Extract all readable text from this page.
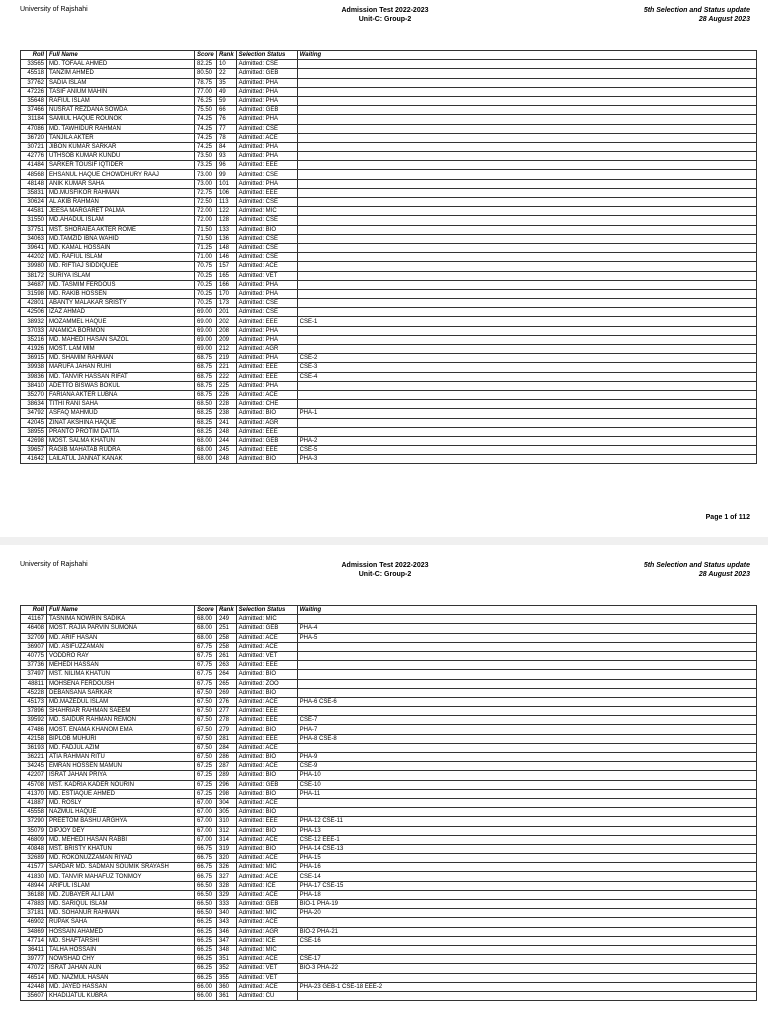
University of Rajshahi	Admission Test 2022-2023
Unit-C: Group-2
5th Selection and Status update
28 August 2023
Roll	Full Name	Score	Rank	Selection Status	Waiting
33565	MD. TOFAAL AHMED	82.25	10	Admitted: CSE	
45518	TANZIM AHMED	80.50	22	Admitted: GEB	
37762	SADIA ISLAM	78.75	35	Admitted: PHA	
47226	TASIF ANIUM MAHIN	77.00	49	Admitted: PHA	
35648	RAFIUL ISLAM	76.25	59	Admitted: PHA	
37466	NUSRAT REZDANA SOWDA	75.50	66	Admitted: GEB	
31184	SAMIUL HAQUE ROUNOK	74.25	76	Admitted: PHA	
47086	MD. TAWHIDUR RAHMAN	74.25	77	Admitted: CSE	
36720	TANJILA AKTER	74.25	78	Admitted: ACE	
30721	JIBON KUMAR SARKAR	74.25	84	Admitted: PHA	
42776	UTHSOB KUMAR KUNDU	73.50	93	Admitted: PHA	
41484	SARKER TOUSIF IQTIDER	73.25	96	Admitted: EEE	
48568	EHSANUL HAQUE CHOWDHURY RAAJ	73.00	99	Admitted: CSE	
48148	ANIK KUMAR SAHA	73.00	101	Admitted: PHA	
35831	MD.MUSFIKOR RAHMAN	72.75	106	Admitted: EEE	
30624	AL AKIB RAHMAN	72.50	113	Admitted: CSE	
44581	JEESA MARGARET PALMA	72.00	122	Admitted: MIC	
31550	MD.AHADUL ISLAM	72.00	128	Admitted: CSE	
37751	MST. SHORAIEA AKTER ROME	71.50	133	Admitted: BIO	
34063	MD.TAMZID IBNA WAHID	71.50	136	Admitted: CSE	
39641	MD. KAMAL HOSSAIN	71.25	148	Admitted: CSE	
44202	MD. RAFIUL ISLAM	71.00	146	Admitted: CSE	
39980	MD. RIFTIAJ SIDDIQUEE	70.75	157	Admitted: ACE	
38172	SURIYA ISLAM	70.25	165	Admitted: VET	
34687	MD. TASMIM FERDOUS	70.25	166	Admitted: PHA	
31598	MD. RAKIB HOSSEN	70.25	170	Admitted: PHA	
42801	ABANTY MALAKAR SRISTY	70.25	173	Admitted: CSE	
42506	IZAZ AHMAD	69.00	201	Admitted: CSE	
38932	MOZAMMEL HAQUE	69.00	202	Admitted: EEE	CSE-1
37033	ANAMICA BORMON	69.00	208	Admitted: PHA	
35216	MD. MAHEDI HASAN SAZOL	69.00	209	Admitted: PHA	
41926	MOST. LAM MIM	69.00	212	Admitted: AGR	
36915	MD. SHAMIM RAHMAN	68.75	219	Admitted: PHA	CSE-2
39938	MARUFA JAHAN RUHI	68.75	221	Admitted: EEE	CSE-3
39836	MD. TANVIR HASSAN RIFAT	68.75	222	Admitted: EEE	CSE-4
38410	ADETTO BISWAS BOKUL	68.75	225	Admitted: PHA	
35270	FARIANA AKTER LUBNA	68.75	226	Admitted: ACE	
38634	TITHI RANI SAHA	68.50	228	Admitted: CHE	
34792	ASFAQ MAHMUD	68.25	238	Admitted: BIO	PHA-1
42045	ZINAT AKSHINA HAQUE	68.25	241	Admitted: AGR	
38955	PRANTO PROTIM DATTA	68.25	248	Admitted: EEE	
42698	MOST. SALMA KHATUN	68.00	244	Admitted: GEB	PHA-2
39657	RAGIB MAHATAB RUDRA	68.00	245	Admitted: EEE	CSE-5
41642	LAILATUL JANNAT KANAK	68.00	248	Admitted: BIO	PHA-3
Page 1 of 112
University of Rajshahi	Admission Test 2022-2023
Unit-C: Group-2
5th Selection and Status update
28 August 2023
Roll	Full Name	Score	Rank	Selection Status	Waiting
41167	TASNIMA NOWRIN SADIKA	68.00	249	Admitted: MIC	
46408	MOST. RAJIA PARVIN SUMONA	68.00	251	Admitted: GEB	PHA-4
32709	MD. ARIF HASAN	68.00	258	Admitted: ACE	PHA-5
36907	MD. ASIFUZZAMAN	67.75	258	Admitted: ACE	
40775	VODDRO RAY	67.75	261	Admitted: VET	
37736	MEHEDI HASSAN	67.75	263	Admitted: EEE	
37497	MST. NILIMA KHATUN	67.75	264	Admitted: BIO	
48811	MOHSENA FERDOUSH	67.75	265	Admitted: ZOO	
45228	DEBANSANA SARKAR	67.50	269	Admitted: BIO	
45173	MD.MAZEDUL ISLAM	67.50	276	Admitted: ACE	PHA-6 CSE-6
37896	SHAHRIAR RAHMAN SAEEM	67.50	277	Admitted: EEE	
39592	MD. SAIDUR RAHMAN REMON	67.50	278	Admitted: EEE	CSE-7
47486	MOST. ENAMA KHANOM EMA	67.50	279	Admitted: BIO	PHA-7
42158	BIPLOB MUHURI	67.50	281	Admitted: EEE	PHA-8 CSE-8
36193	MD. FADJUL AZIM	67.50	284	Admitted: ACE	
36221	ATIA RAHMAN RITU	67.50	286	Admitted: BIO	PHA-9
34245	EMRAN HOSSEN MAMUN	67.25	287	Admitted: ACE	CSE-9
42207	ISRAT JAHAN PRIYA	67.25	289	Admitted: BIO	PHA-10
45708	MST. KADRIA KADER NOURIN	67.25	296	Admitted: GEB	CSE-10
41370	MD. ESTIAQUE AHMED	67.25	298	Admitted: BIO	PHA-11
41887	MD. ROSLY	67.00	304	Admitted: ACE	
45558	NAZMUL HAQUE	67.00	305	Admitted: BIO	
37290	PREETOM BASHU ARGHYA	67.00	310	Admitted: EEE	PHA-12 CSE-11
35079	DIPJOY DEY	67.00	312	Admitted: BIO	PHA-13
46809	MD. MEHEDI HASAN RABBI	67.00	314	Admitted: ACE	CSE-12 EEE-1
40848	MST. BRISTY KHATUN	66.75	319	Admitted: BIO	PHA-14 CSE-13
32689	MD. ROKONUZZAMAN RIYAD	66.75	320	Admitted: ACE	PHA-15
41577	SARDAR MD. SADMAN SOUMIK SRAYASH	66.75	326	Admitted: MIC	PHA-16
41830	MD. TANVIR MAHAFUZ TONMOY	66.75	327	Admitted: ACE	CSE-14
48944	ARIFUL ISLAM	66.50	328	Admitted: ICE	PHA-17 CSE-15
36188	MD. ZUBAYER ALI LAM	66.50	329	Admitted: ACE	PHA-18
47883	MD. SARIQUL ISLAM	66.50	333	Admitted: GEB	BIO-1 PHA-19
37181	MD. SOHANUR RAHMAN	66.50	340	Admitted: MIC	PHA-20
46902	RUPAK SAHA	66.25	343	Admitted: ACE	
34869	HOSSAIN AHAMED	66.25	346	Admitted: AGR	BIO-2 PHA-21
47714	MD. SHAFTARSHI	66.25	347	Admitted: ICE	CSE-16
36411	TALHA HOSSAIN	66.25	348	Admitted: MIC	
39777	NOWSHAD CHY	66.25	351	Admitted: ACE	CSE-17
47072	ISRAT JAHAN AUN	66.25	352	Admitted: VET	BIO-3 PHA-22
46514	MD. NAZMUL HASAN	66.25	355	Admitted: VET	
42448	MD. JAYED HASSAN	66.00	360	Admitted: ACE	PHA-23 GEB-1 CSE-18 EEE-2
35607	KHADIJATUL KUBRA	66.00	361	Admitted: CU	
